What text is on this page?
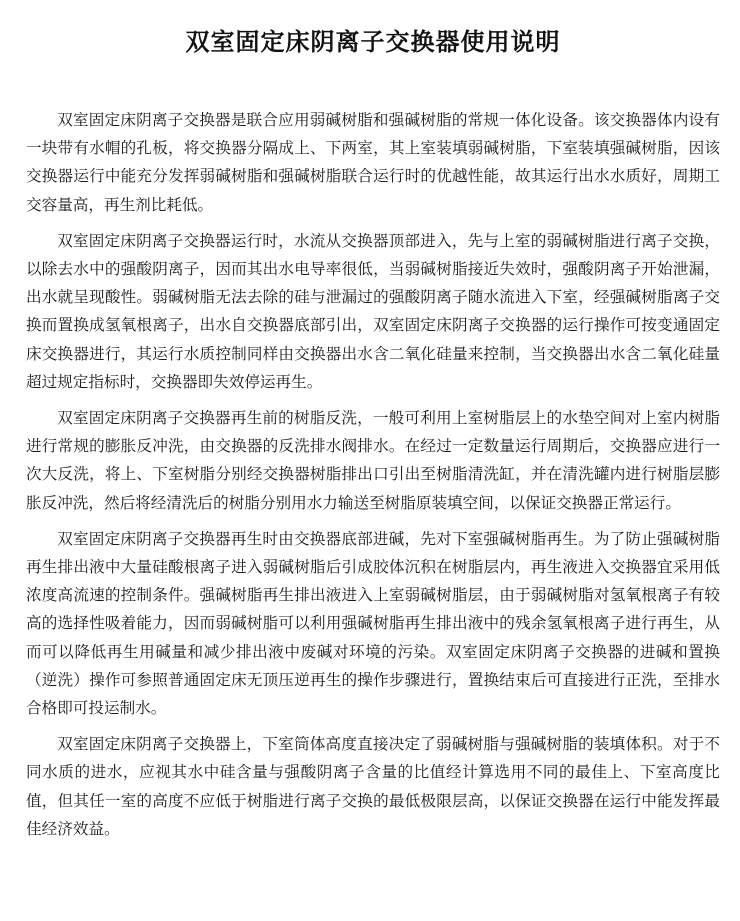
双室固定床阴离子交换器使用说明

双室固定床阴离子交换器是联合应用弱碱树脂和强碱树脂的常规一体化设备。该交换器体内设有一块带有水帽的孔板，将交换器分隔成上、下两室，其上室装填弱碱树脂，下室装填强碱树脂，因该交换器运行中能充分发挥弱碱树脂和强碱树脂联合运行时的优越性能，故其运行出水水质好，周期工交容量高，再生剂比耗低。

双室固定床阴离子交换器运行时，水流从交换器顶部进入，先与上室的弱碱树脂进行离子交换，以除去水中的强酸阴离子，因而其出水电导率很低，当弱碱树脂接近失效时，强酸阴离子开始泄漏，出水就呈现酸性。弱碱树脂无法去除的硅与泄漏过的强酸阴离子随水流进入下室，经强碱树脂离子交换而置换成氢氧根离子，出水自交换器底部引出，双室固定床阴离子交换器的运行操作可按变通固定床交换器进行，其运行水质控制同样由交换器出水含二氧化硅量来控制，当交换器出水含二氧化硅量超过规定指标时，交换器即失效停运再生。

双室固定床阴离子交换器再生前的树脂反洗，一般可利用上室树脂层上的水垫空间对上室内树脂进行常规的膨胀反冲洗，由交换器的反洗排水阀排水。在经过一定数量运行周期后，交换器应进行一次大反洗，将上、下室树脂分别经交换器树脂排出口引出至树脂清洗缸，并在清洗罐内进行树脂层膨胀反冲洗，然后将经清洗后的树脂分别用水力输送至树脂原装填空间，以保证交换器正常运行。

双室固定床阴离子交换器再生时由交换器底部进碱，先对下室强碱树脂再生。为了防止强碱树脂再生排出液中大量硅酸根离子进入弱碱树脂后引成胶体沉积在树脂层内，再生液进入交换器宜采用低浓度高流速的控制条件。强碱树脂再生排出液进入上室弱碱树脂层，由于弱碱树脂对氢氧根离子有较高的选择性吸着能力，因而弱碱树脂可以利用强碱树脂再生排出液中的残余氢氧根离子进行再生，从而可以降低再生用碱量和减少排出液中废碱对环境的污染。双室固定床阴离子交换器的进碱和置换（逆洗）操作可参照普通固定床无顶压逆再生的操作步骤进行，置换结束后可直接进行正洗，至排水合格即可投运制水。

双室固定床阴离子交换器上，下室筒体高度直接决定了弱碱树脂与强碱树脂的装填体积。对于不同水质的进水，应视其水中硅含量与强酸阴离子含量的比值经计算选用不同的最佳上、下室高度比值，但其任一室的高度不应低于树脂进行离子交换的最低极限层高，以保证交换器在运行中能发挥最佳经济效益。
